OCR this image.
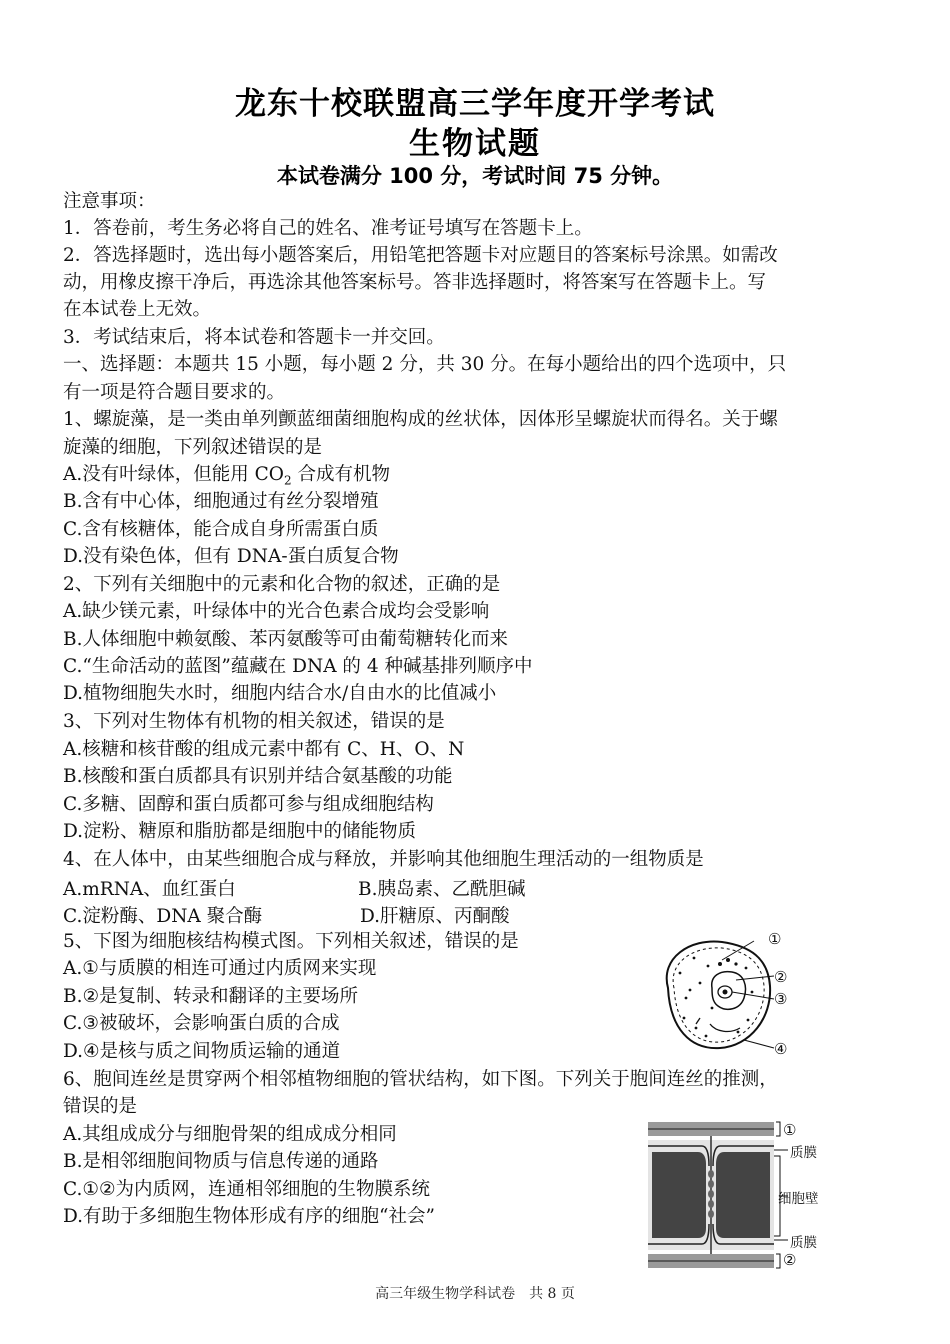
龙东十校联盟高三学年度开学考试
生物试题
本试卷满分 100 分，考试时间 75 分钟。
注意事项：
1．答卷前，考生务必将自己的姓名、准考证号填写在答题卡上。
2．答选择题时，选出每小题答案后，用铅笔把答题卡对应题目的答案标号涂黑。如需改
动，用橡皮擦干净后，再选涂其他答案标号。答非选择题时，将答案写在答题卡上。写
在本试卷上无效。
3．考试结束后，将本试卷和答题卡一并交回。
一、选择题：本题共 15 小题，每小题 2 分，共 30 分。在每小题给出的四个选项中，只
有一项是符合题目要求的。
1、螺旋藻，是一类由单列颤蓝细菌细胞构成的丝状体，因体形呈螺旋状而得名。关于螺
旋藻的细胞，下列叙述错误的是
A.没有叶绿体，但能用 $CO_2$ 合成有机物
B.含有中心体，细胞通过有丝分裂增殖
C.含有核糖体，能合成自身所需蛋白质
D.没有染色体，但有 DNA-蛋白质复合物
2、下列有关细胞中的元素和化合物的叙述，正确的是
A.缺少镁元素，叶绿体中的光合色素合成均会受影响
B.人体细胞中赖氨酸、苯丙氨酸等可由葡萄糖转化而来
C.“生命活动的蓝图”蕴藏在 DNA 的 4 种碱基排列顺序中
D.植物细胞失水时，细胞内结合水/自由水的比值减小
3、下列对生物体有机物的相关叙述，错误的是
A.核糖和核苷酸的组成元素中都有 C、H、O、N
B.核酸和蛋白质都具有识别并结合氨基酸的功能
C.多糖、固醇和蛋白质都可参与组成细胞结构
D.淀粉、糖原和脂肪都是细胞中的储能物质
4、在人体中，由某些细胞合成与释放，并影响其他细胞生理活动的一组物质是
A.mRNA、血红蛋白	B.胰岛素、乙酰胆碱
C.淀粉酶、DNA 聚合酶	D.肝糖原、丙酮酸
5、下图为细胞核结构模式图。下列相关叙述，错误的是
A.①与质膜的相连可通过内质网来实现
B.②是复制、转录和翻译的主要场所
C.③被破坏，会影响蛋白质的合成
D.④是核与质之间物质运输的通道
①
②
③
④
6、胞间连丝是贯穿两个相邻植物细胞的管状结构，如下图。下列关于胞间连丝的推测，
错误的是
A.其组成成分与细胞骨架的组成成分相同
B.是相邻细胞间物质与信息传递的通路
C.①②为内质网，连通相邻细胞的生物膜系统
D.有助于多细胞生物体形成有序的细胞“社会”
①
质膜
细胞壁
质膜
②
高三年级生物学科试卷　共 8 页
